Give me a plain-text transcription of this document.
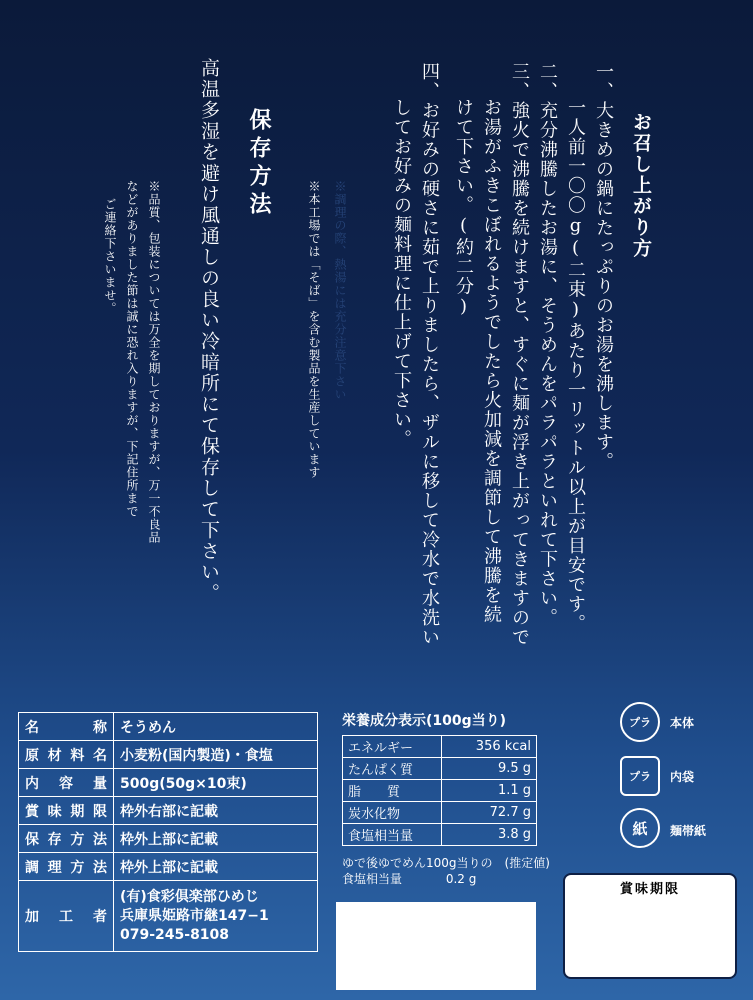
お召し上がり方
一、大きめの鍋にたっぷりのお湯を沸します。
一人前一〇〇g(二束)あたり一リットル以上が目安です。
二、充分沸騰したお湯に、そうめんをパラパラといれて下さい。
三、強火で沸騰を続けますと、すぐに麺が浮き上がってきますので
お湯がふきこぼれるようでしたら火加減を調節して沸騰を続
けて下さい。(約二分)
四、お好みの硬さに茹で上りましたら、ザルに移して冷水で水洗い
してお好みの麺料理に仕上げて下さい。
※調理の際、熱湯には充分注意下さい
※本工場では「そば」を含む製品を生産しています
保存方法
高温多湿を避け風通しの良い冷暗所にて保存して下さい。
※品質、包装については万全を期しておりますが、万一不良品
などがありました節は誠に恐れ入りますが、下記住所まで
ご連絡下さいませ。
名　称	そうめん
原材料名	小麦粉(国内製造)・食塩
内容量	500g(50g×10束)
賞味期限	枠外右部に記載
保存方法	枠外上部に記載
調理方法	枠外上部に記載
加工者	(有)食彩倶楽部ひめじ
兵庫県姫路市継147−1
079-245-8108
栄養成分表示(100g当り)
エネルギー	356 kcal
たんぱく質	9.5 g
脂　　質	1.1 g
炭水化物	72.7 g
食塩相当量	3.8 g
ゆで後ゆでめん100g当りの　(推定値)
食塩相当量	0.2 g
プラ 本体
プラ 内袋
紙 麺帯紙
賞味期限
